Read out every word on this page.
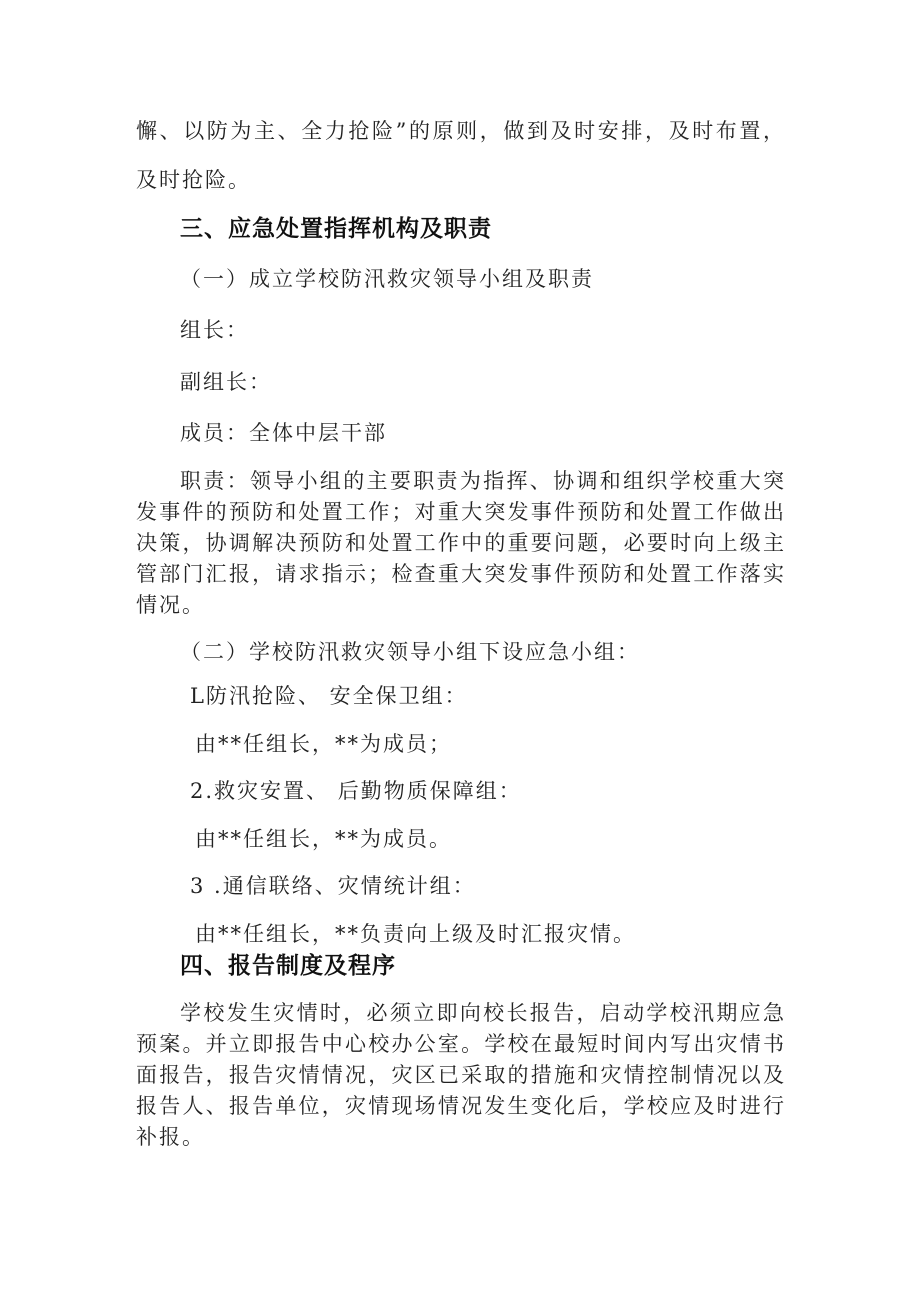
懈、以防为主、全力抢险”的原则，做到及时安排，及时布置，
及时抢险。
三、应急处置指挥机构及职责
（一）成立学校防汛救灾领导小组及职责
组长：
副组长：
成员：全体中层干部
职责：领导小组的主要职责为指挥、协调和组织学校重大突
发事件的预防和处置工作；对重大突发事件预防和处置工作做出
决策，协调解决预防和处置工作中的重要问题，必要时向上级主
管部门汇报，请求指示；检查重大突发事件预防和处置工作落实
情况。
（二）学校防汛救灾领导小组下设应急小组：
L防汛抢险、 安全保卫组：
由**任组长，**为成员；
2.救灾安置、 后勤物质保障组：
由**任组长，**为成员。
3 .通信联络、灾情统计组：
由**任组长，**负责向上级及时汇报灾情。
四、报告制度及程序
学校发生灾情时，必须立即向校长报告，启动学校汛期应急
预案。并立即报告中心校办公室。学校在最短时间内写出灾情书
面报告，报告灾情情况，灾区已采取的措施和灾情控制情况以及
报告人、报告单位，灾情现场情况发生变化后，学校应及时进行
补报。
